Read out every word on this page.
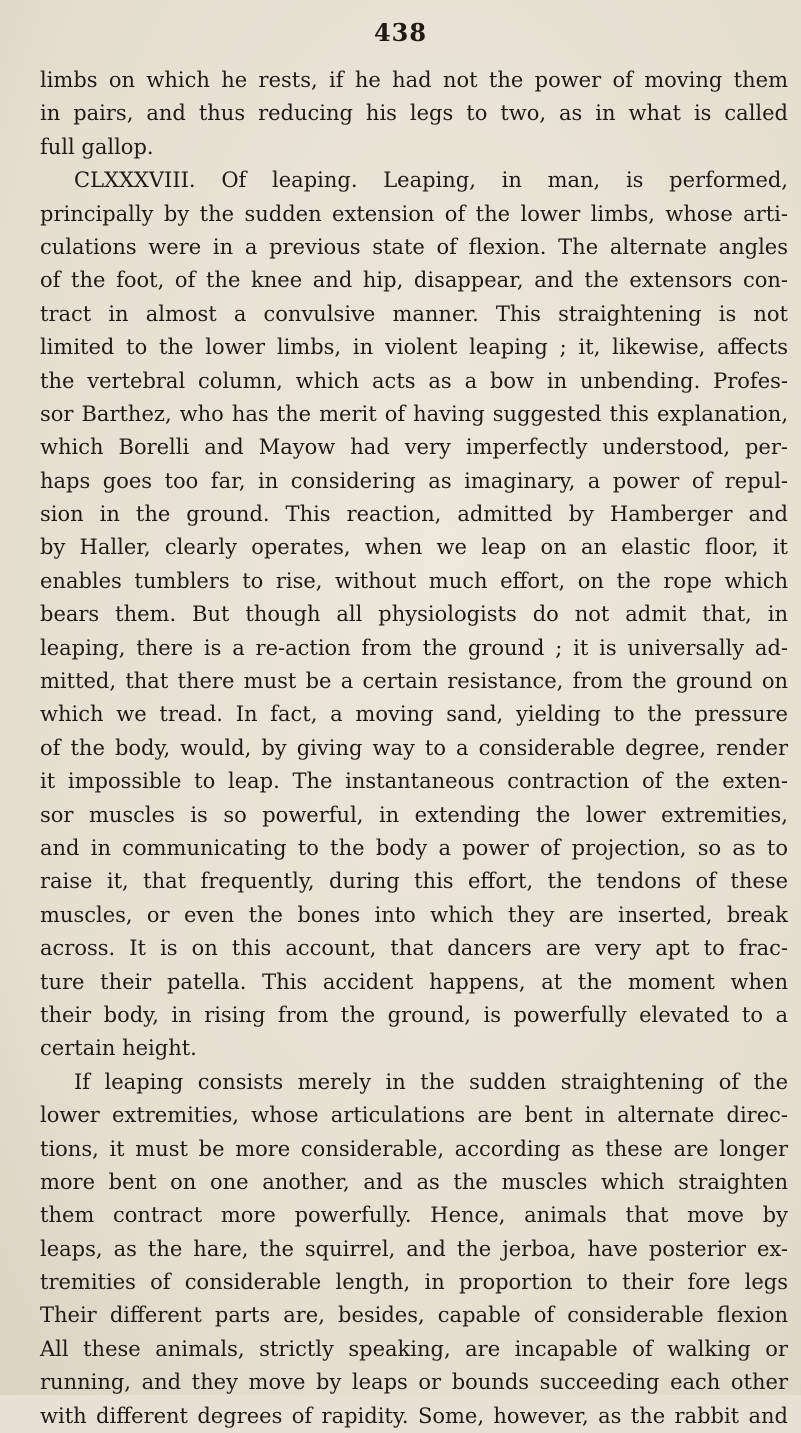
438
limbs on which he rests, if he had not the power of moving them
in pairs, and thus reducing his legs to two, as in what is called
full gallop.
CLXXXVIII. Of leaping. Leaping, in man, is performed,
principally by the sudden extension of the lower limbs, whose arti-
culations were in a previous state of flexion. The alternate angles
of the foot, of the knee and hip, disappear, and the extensors con-
tract in almost a convulsive manner. This straightening is not
limited to the lower limbs, in violent leaping ; it, likewise, affects
the vertebral column, which acts as a bow in unbending. Profes-
sor Barthez, who has the merit of having suggested this explanation,
which Borelli and Mayow had very imperfectly understood, per-
haps goes too far, in considering as imaginary, a power of repul-
sion in the ground. This reaction, admitted by Hamberger and
by Haller, clearly operates, when we leap on an elastic floor, it
enables tumblers to rise, without much effort, on the rope which
bears them. But though all physiologists do not admit that, in
leaping, there is a re-action from the ground ; it is universally ad-
mitted, that there must be a certain resistance, from the ground on
which we tread. In fact, a moving sand, yielding to the pressure
of the body, would, by giving way to a considerable degree, render
it impossible to leap. The instantaneous contraction of the exten-
sor muscles is so powerful, in extending the lower extremities,
and in communicating to the body a power of projection, so as to
raise it, that frequently, during this effort, the tendons of these
muscles, or even the bones into which they are inserted, break
across. It is on this account, that dancers are very apt to frac-
ture their patella. This accident happens, at the moment when
their body, in rising from the ground, is powerfully elevated to a
certain height.
If leaping consists merely in the sudden straightening of the
lower extremities, whose articulations are bent in alternate direc-
tions, it must be more considerable, according as these are longer
more bent on one another, and as the muscles which straighten
them contract more powerfully. Hence, animals that move by
leaps, as the hare, the squirrel, and the jerboa, have posterior ex-
tremities of considerable length, in proportion to their fore legs
Their different parts are, besides, capable of considerable flexion
All these animals, strictly speaking, are incapable of walking or
running, and they move by leaps or bounds succeeding each other
with different degrees of rapidity. Some, however, as the rabbit and
